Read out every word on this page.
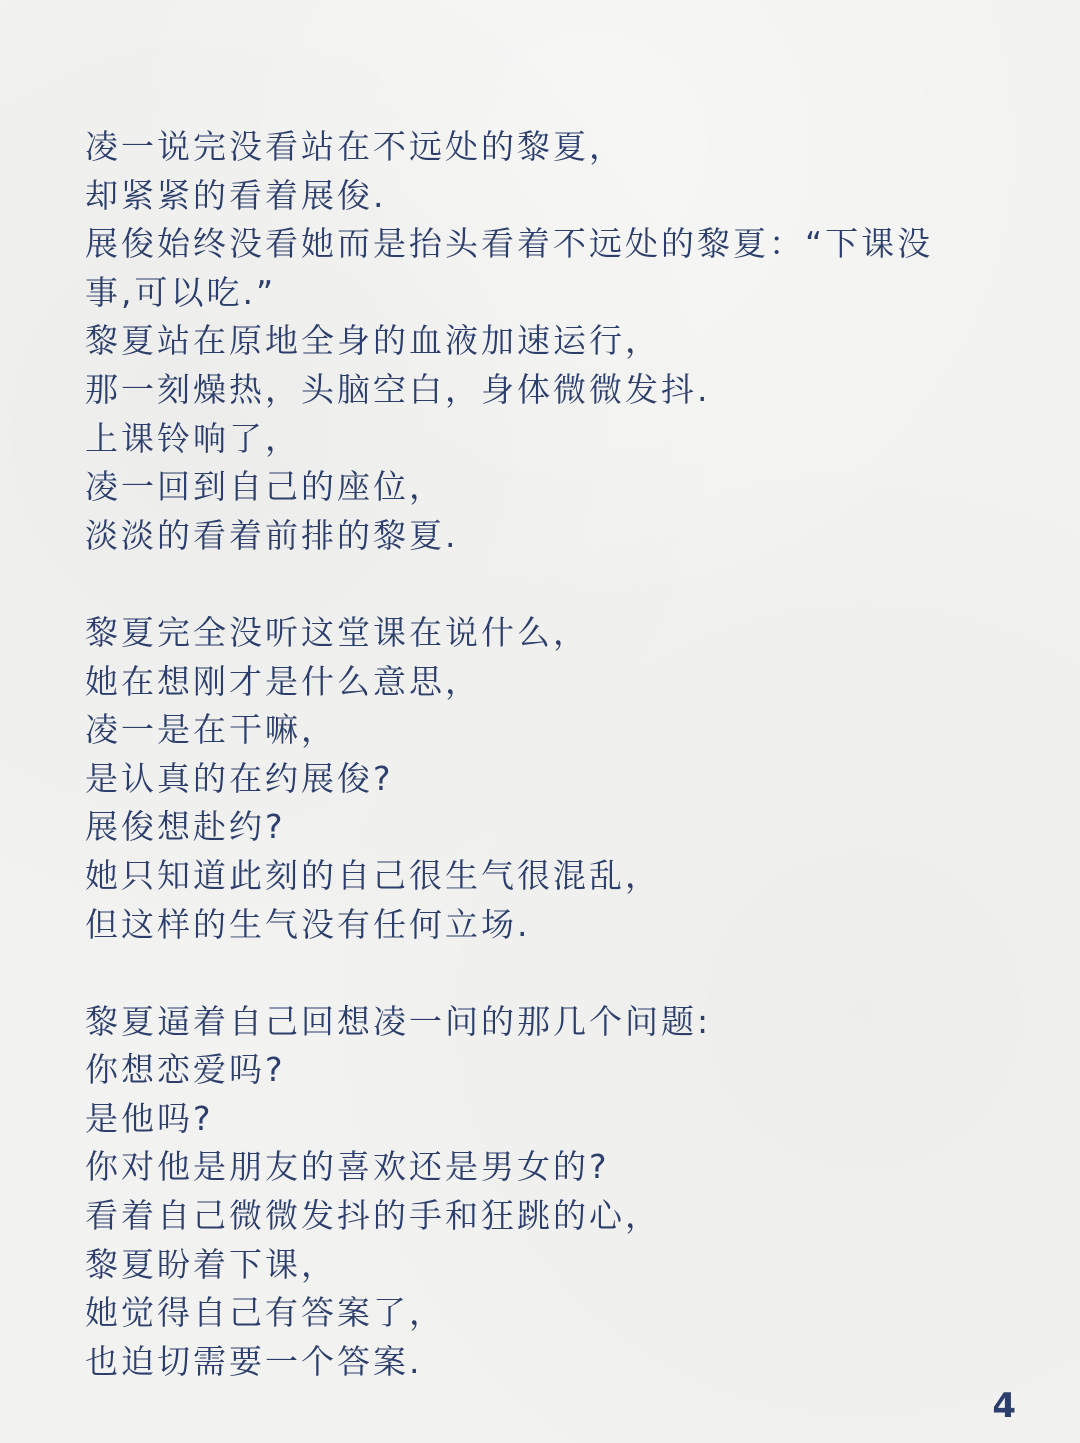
凌一说完没看站在不远处的黎夏，
却紧紧的看着展俊.
展俊始终没看她而是抬头看着不远处的黎夏：“下课没
事,可以吃.”
黎夏站在原地全身的血液加速运行，
那一刻燥热，头脑空白，身体微微发抖.
上课铃响了，
凌一回到自己的座位，
淡淡的看着前排的黎夏.
黎夏完全没听这堂课在说什么，
她在想刚才是什么意思，
凌一是在干嘛，
是认真的在约展俊?
展俊想赴约?
她只知道此刻的自己很生气很混乱，
但这样的生气没有任何立场.
黎夏逼着自己回想凌一问的那几个问题:
你想恋爱吗?
是他吗?
你对他是朋友的喜欢还是男女的?
看着自己微微发抖的手和狂跳的心，
黎夏盼着下课，
她觉得自己有答案了，
也迫切需要一个答案.
4
